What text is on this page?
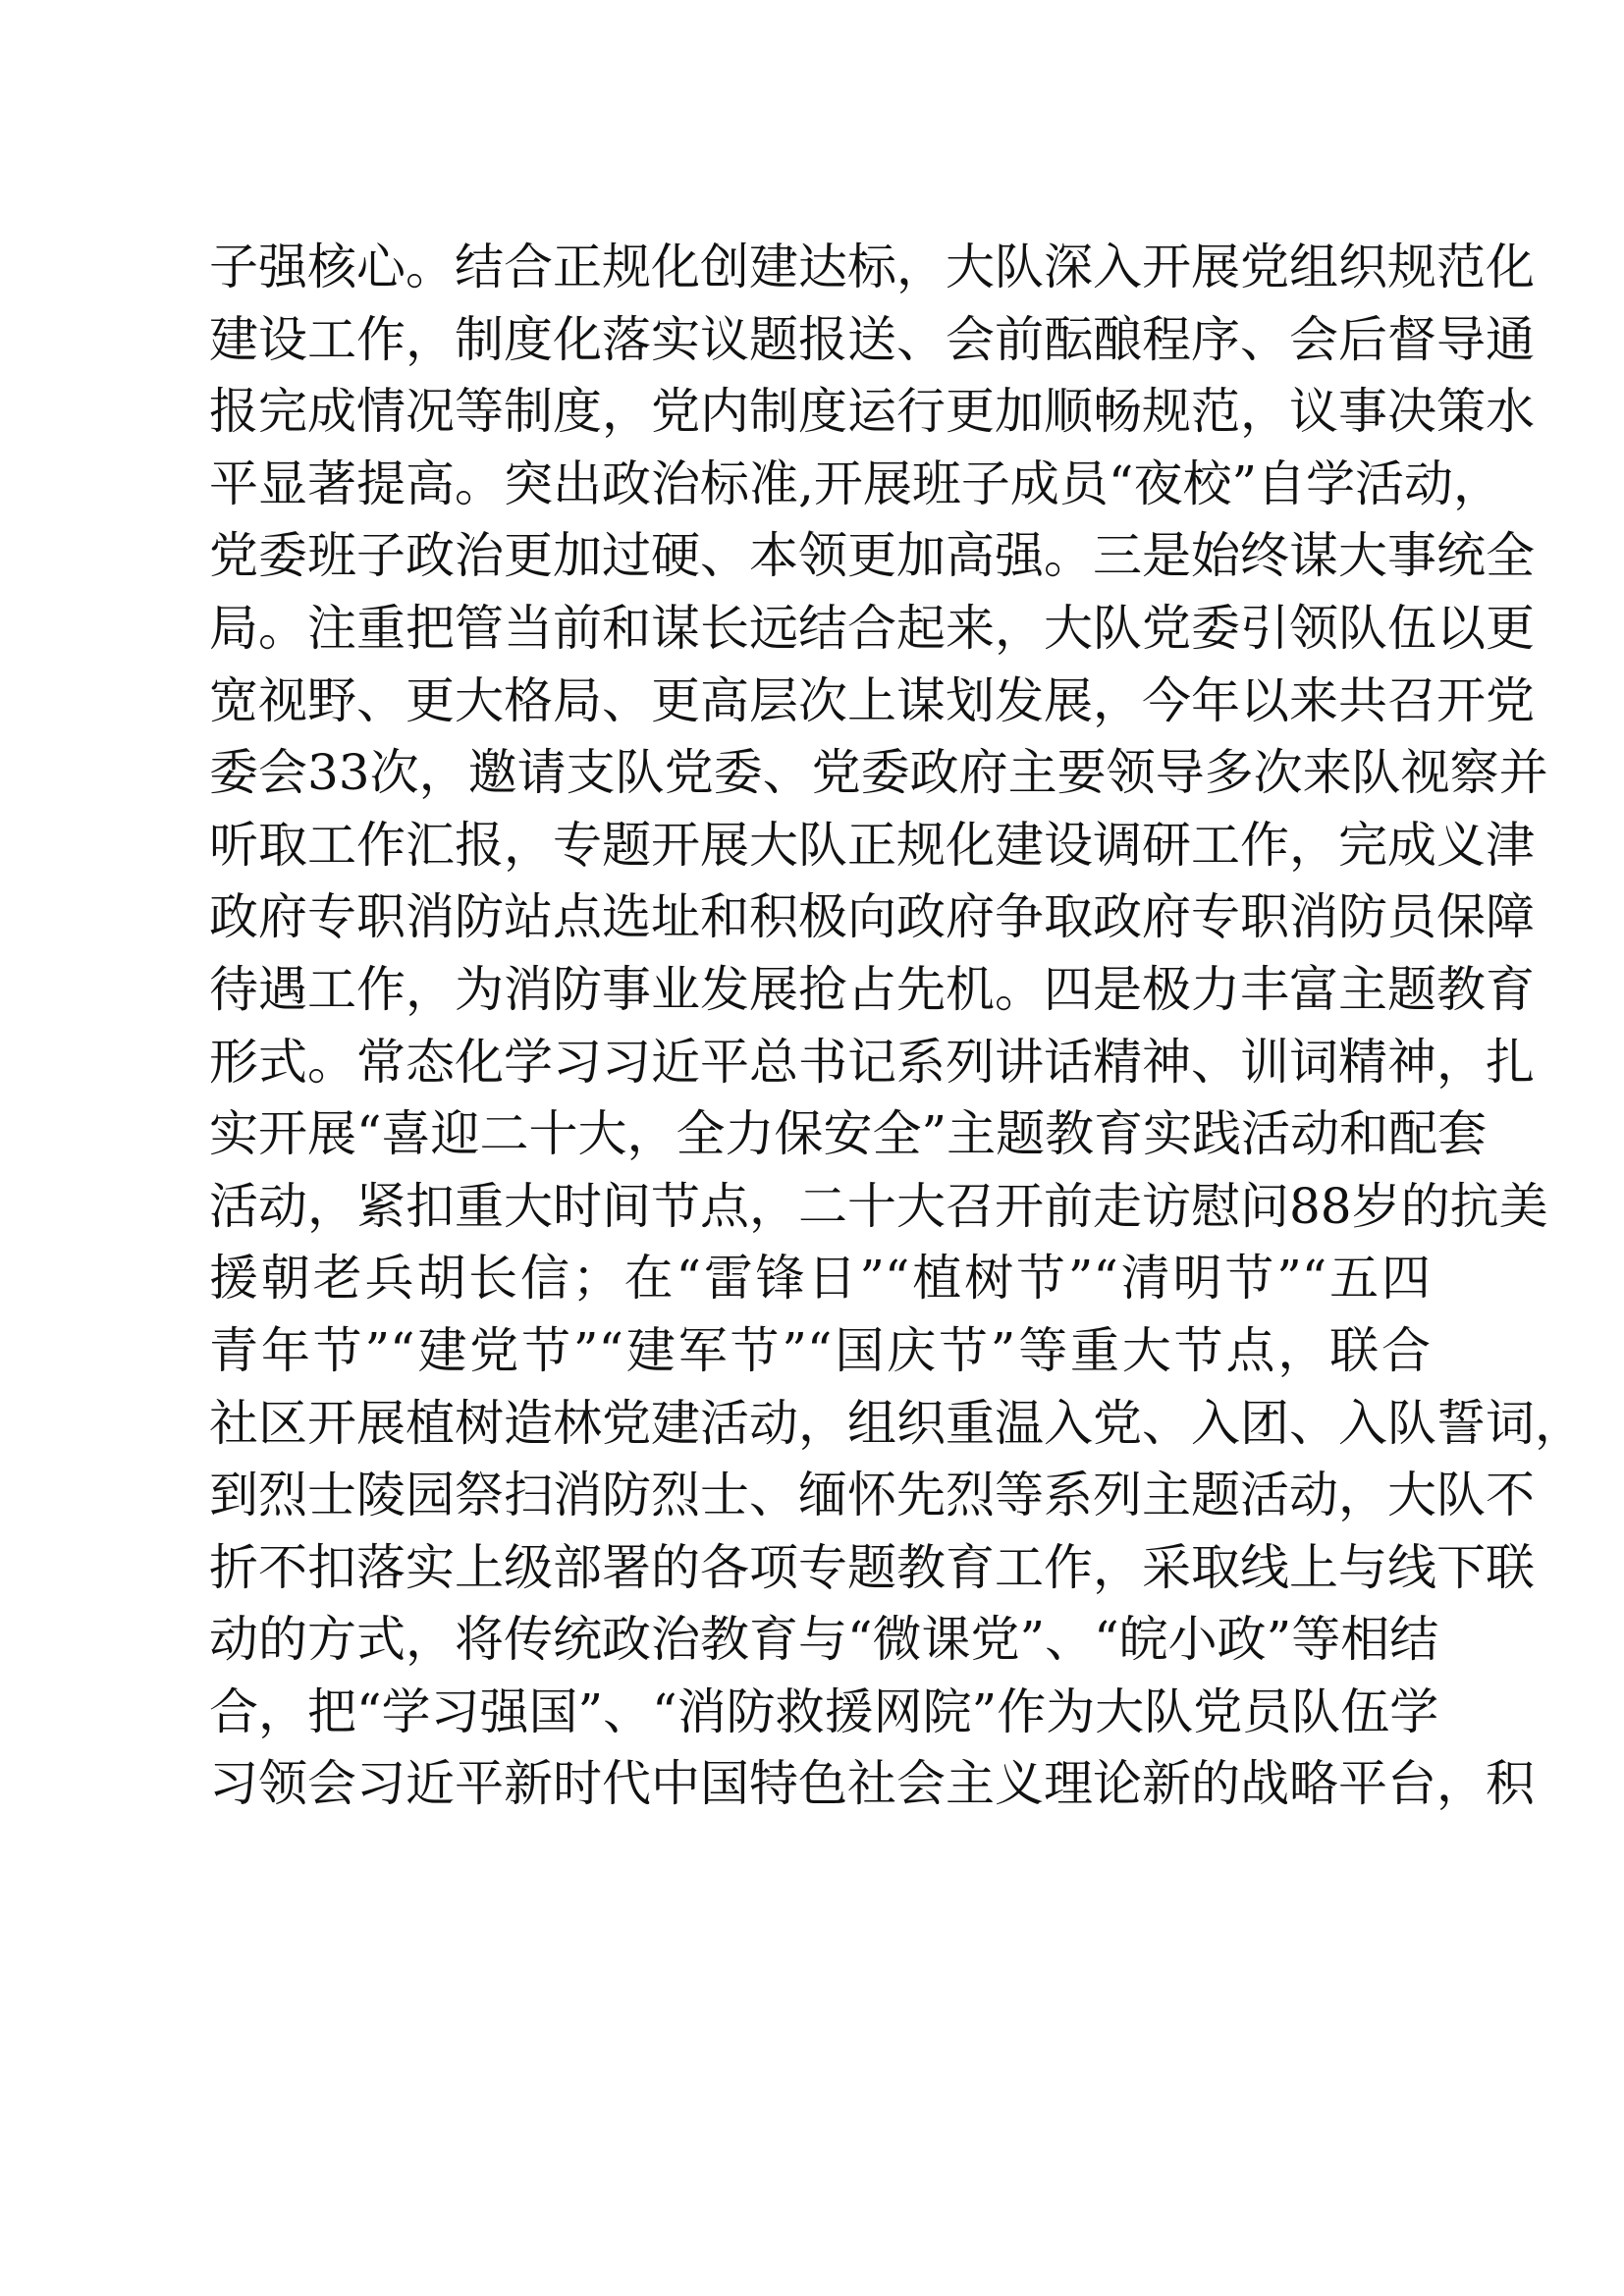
子强核心。结合正规化创建达标，大队深入开展党组织规范化
建设工作，制度化落实议题报送、会前酝酿程序、会后督导通
报完成情况等制度，党内制度运行更加顺畅规范，议事决策水
平显著提高。突出政治标准,开展班子成员“夜校”自学活动，
党委班子政治更加过硬、本领更加高强。三是始终谋大事统全
局。注重把管当前和谋长远结合起来，大队党委引领队伍以更
宽视野、更大格局、更高层次上谋划发展，今年以来共召开党
委会33次，邀请支队党委、党委政府主要领导多次来队视察并
听取工作汇报，专题开展大队正规化建设调研工作，完成义津
政府专职消防站点选址和积极向政府争取政府专职消防员保障
待遇工作，为消防事业发展抢占先机。四是极力丰富主题教育
形式。常态化学习习近平总书记系列讲话精神、训词精神，扎
实开展“喜迎二十大，全力保安全”主题教育实践活动和配套
活动，紧扣重大时间节点，二十大召开前走访慰问88岁的抗美
援朝老兵胡长信；在“雷锋日”“植树节”“清明节”“五四
青年节”“建党节”“建军节”“国庆节”等重大节点，联合
社区开展植树造林党建活动，组织重温入党、入团、入队誓词，
到烈士陵园祭扫消防烈士、缅怀先烈等系列主题活动，大队不
折不扣落实上级部署的各项专题教育工作，采取线上与线下联
动的方式，将传统政治教育与“微课党”、“皖小政”等相结
合，把“学习强国”、“消防救援网院”作为大队党员队伍学
习领会习近平新时代中国特色社会主义理论新的战略平台，积
